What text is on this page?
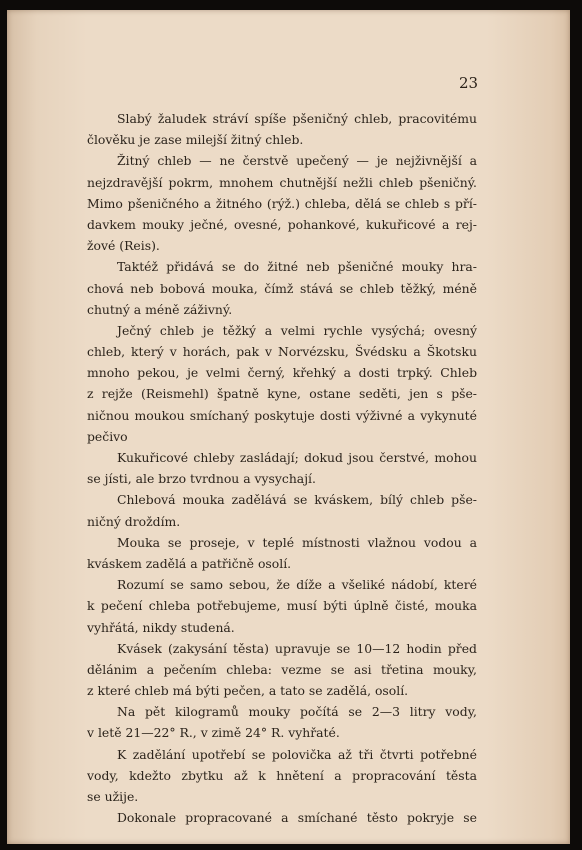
23
Slabý žaludek stráví spíše pšeničný chleb, pracovitému
člověku je zase milejší žitný chleb.
Žitný chleb — ne čerstvě upečený — je nejživnější a
nejzdravější pokrm, mnohem chutnější nežli chleb pšeničný.
Mimo pšeničného a žitného (rýž.) chleba, dělá se chleb s pří-
davkem mouky ječné, ovesné, pohankové, kukuřicové a rej-
žové (Reis).
Taktéž přidává se do žitné neb pšeničné mouky hra-
chová neb bobová mouka, čímž stává se chleb těžký, méně
chutný a méně záživný.
Ječný chleb je těžký a velmi rychle vysýchá; ovesný
chleb, který v horách, pak v Norvézsku, Švédsku a Škotsku
mnoho pekou, je velmi černý, křehký a dosti trpký. Chleb
z rejže (Reismehl) špatně kyne, ostane seděti, jen s pše-
ničnou moukou smíchaný poskytuje dosti výživné a vykynuté
pečivo
Kukuřicové chleby zasládají; dokud jsou čerstvé, mohou
se jísti, ale brzo tvrdnou a vysychají.
Chlebová mouka zadělává se kváskem, bílý chleb pše-
ničný droždím.
Mouka se proseje, v teplé místnosti vlažnou vodou a
kváskem zadělá a patřičně osolí.
Rozumí se samo sebou, že díže a všeliké nádobí, které
k pečení chleba potřebujeme, musí býti úplně čisté, mouka
vyhřátá, nikdy studená.
Kvásek (zakysání těsta) upravuje se 10—12 hodin před
dělánim a pečením chleba: vezme se asi třetina mouky,
z které chleb má býti pečen, a tato se zadělá, osolí.
Na pět kilogramů mouky počítá se 2—3 litry vody,
v letě 21—22° R., v zimě 24° R. vyhřaté.
K zadělání upotřebí se polovička až tři čtvrti potřebné
vody, kdežto zbytku až k hnětení a propracování těsta
se užije.
Dokonale propracované a smíchané těsto pokryje se
